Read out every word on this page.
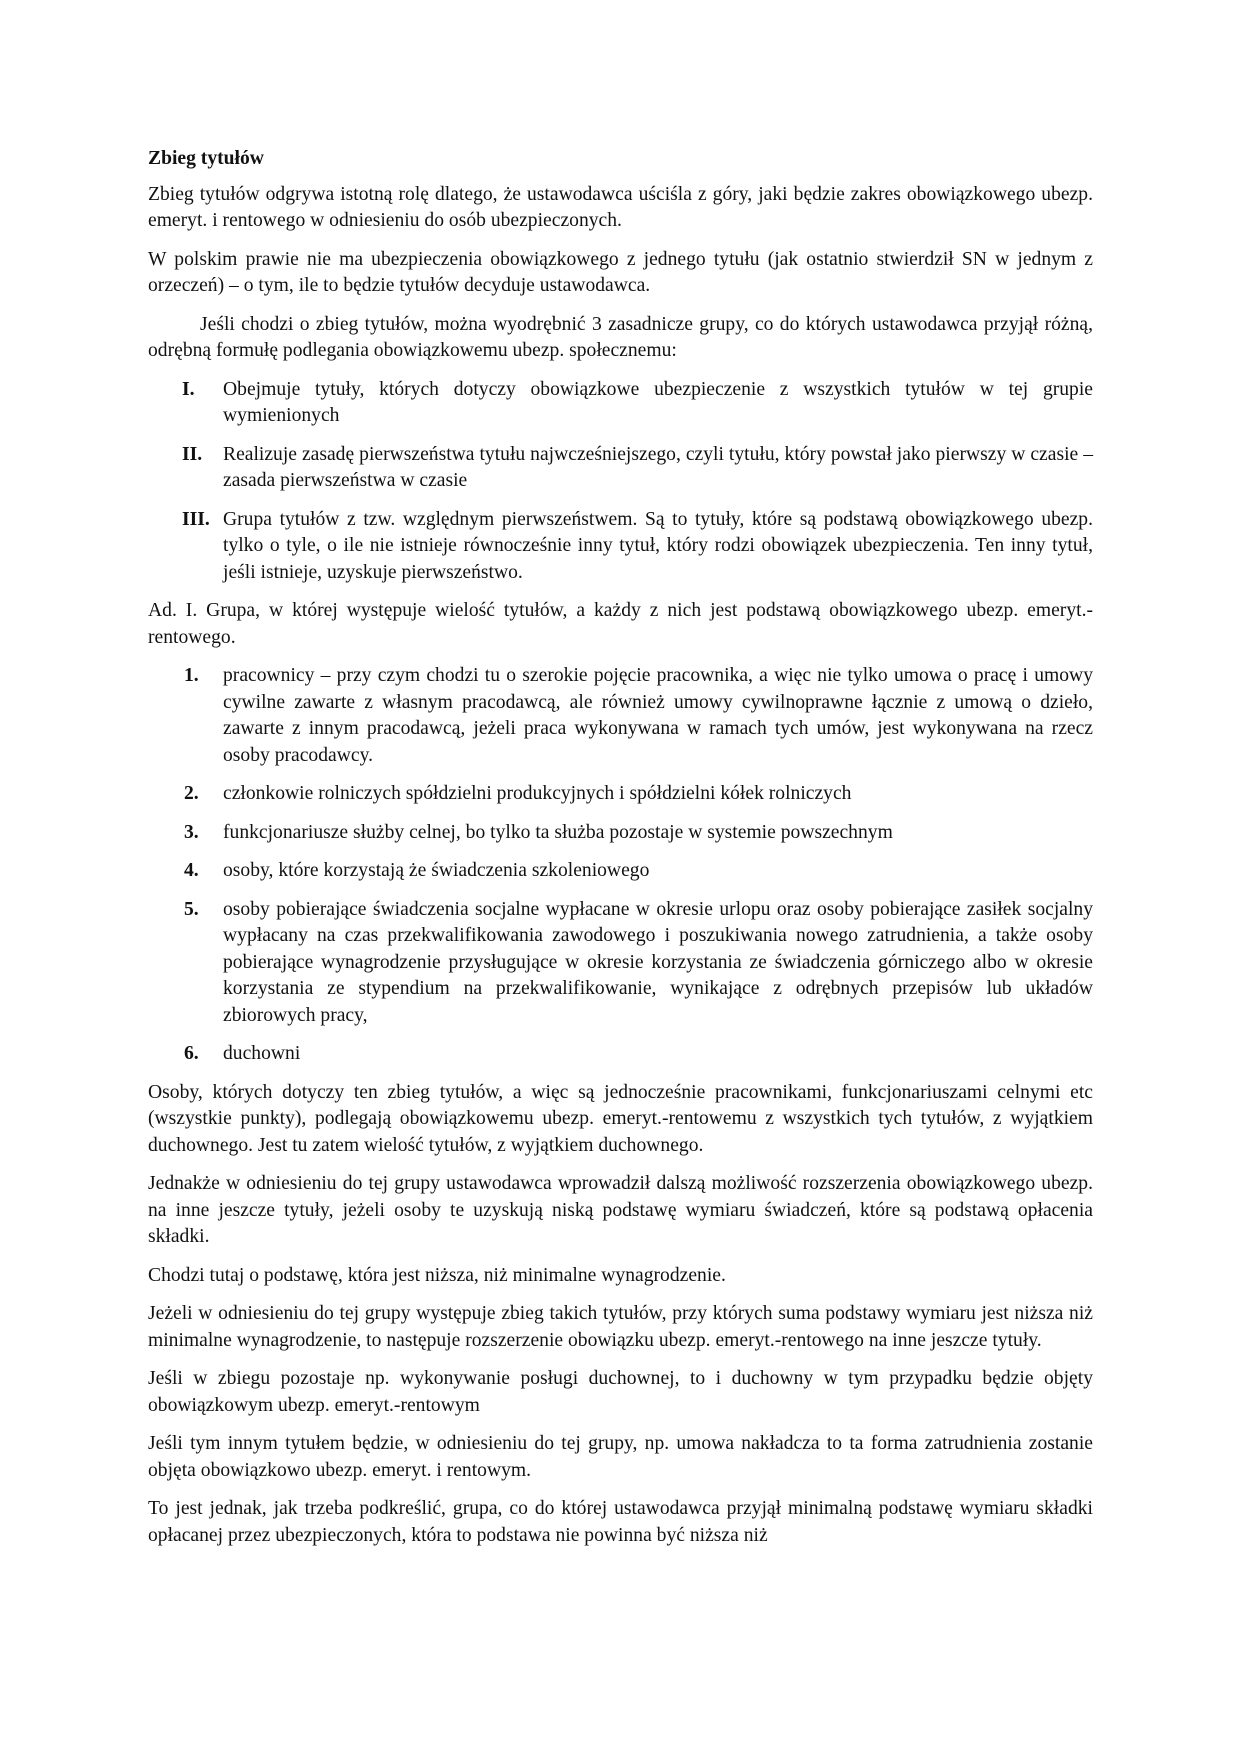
Zbieg tytułów

Zbieg tytułów odgrywa istotną rolę dlatego, że ustawodawca uściśla z góry, jaki będzie zakres obowiązkowego ubezp. emeryt. i rentowego w odniesieniu do osób ubezpieczonych.

W polskim prawie nie ma ubezpieczenia obowiązkowego z jednego tytułu (jak ostatnio stwierdził SN w jednym z orzeczeń) – o tym, ile to będzie tytułów decyduje ustawodawca.

Jeśli chodzi o zbieg tytułów, można wyodrębnić 3 zasadnicze grupy, co do których ustawodawca przyjął różną, odrębną formułę podlegania obowiązkowemu ubezp. społecznemu:

I. Obejmuje tytuły, których dotyczy obowiązkowe ubezpieczenie z wszystkich tytułów w tej grupie wymienionych
II. Realizuje zasadę pierwszeństwa tytułu najwcześniejszego, czyli tytułu, który powstał jako pierwszy w czasie – zasada pierwszeństwa w czasie
III. Grupa tytułów z tzw. względnym pierwszeństwem. Są to tytuły, które są podstawą obowiązkowego ubezp. tylko o tyle, o ile nie istnieje równocześnie inny tytuł, który rodzi obowiązek ubezpieczenia. Ten inny tytuł, jeśli istnieje, uzyskuje pierwszeństwo.

Ad. I. Grupa, w której występuje wielość tytułów, a każdy z nich jest podstawą obowiązkowego ubezp. emeryt.-rentowego.

1. pracownicy – przy czym chodzi tu o szerokie pojęcie pracownika, a więc nie tylko umowa o pracę i umowy cywilne zawarte z własnym pracodawcą, ale również umowy cywilnoprawne łącznie z umową o dzieło, zawarte z innym pracodawcą, jeżeli praca wykonywana w ramach tych umów, jest wykonywana na rzecz osoby pracodawcy.
2. członkowie rolniczych spółdzielni produkcyjnych i spółdzielni kółek rolniczych
3. funkcjonariusze służby celnej, bo tylko ta służba pozostaje w systemie powszechnym
4. osoby, które korzystają że świadczenia szkoleniowego
5. osoby pobierające świadczenia socjalne wypłacane w okresie urlopu oraz osoby pobierające zasiłek socjalny wypłacany na czas przekwalifikowania zawodowego i poszukiwania nowego zatrudnienia, a także osoby pobierające wynagrodzenie przysługujące w okresie korzystania ze świadczenia górniczego albo w okresie korzystania ze stypendium na przekwalifikowanie, wynikające z odrębnych przepisów lub układów zbiorowych pracy,
6. duchowni

Osoby, których dotyczy ten zbieg tytułów, a więc są jednocześnie pracownikami, funkcjonariuszami celnymi etc (wszystkie punkty), podlegają obowiązkowemu ubezp. emeryt.-rentowemu z wszystkich tych tytułów, z wyjątkiem duchownego. Jest tu zatem wielość tytułów, z wyjątkiem duchownego.

Jednakże w odniesieniu do tej grupy ustawodawca wprowadził dalszą możliwość rozszerzenia obowiązkowego ubezp. na inne jeszcze tytuły, jeżeli osoby te uzyskują niską podstawę wymiaru świadczeń, które są podstawą opłacenia składki.

Chodzi tutaj o podstawę, która jest niższa, niż minimalne wynagrodzenie.

Jeżeli w odniesieniu do tej grupy występuje zbieg takich tytułów, przy których suma podstawy wymiaru jest niższa niż minimalne wynagrodzenie, to następuje rozszerzenie obowiązku ubezp. emeryt.-rentowego na inne jeszcze tytuły.

Jeśli w zbiegu pozostaje np. wykonywanie posługi duchownej, to i duchowny w tym przypadku będzie objęty obowiązkowym ubezp. emeryt.-rentowym

Jeśli tym innym tytułem będzie, w odniesieniu do tej grupy, np. umowa nakładcza to ta forma zatrudnienia zostanie objęta obowiązkowo ubezp. emeryt. i rentowym.

To jest jednak, jak trzeba podkreślić, grupa, co do której ustawodawca przyjął minimalną podstawę wymiaru składki opłacanej przez ubezpieczonych, która to podstawa nie powinna być niższa niż
